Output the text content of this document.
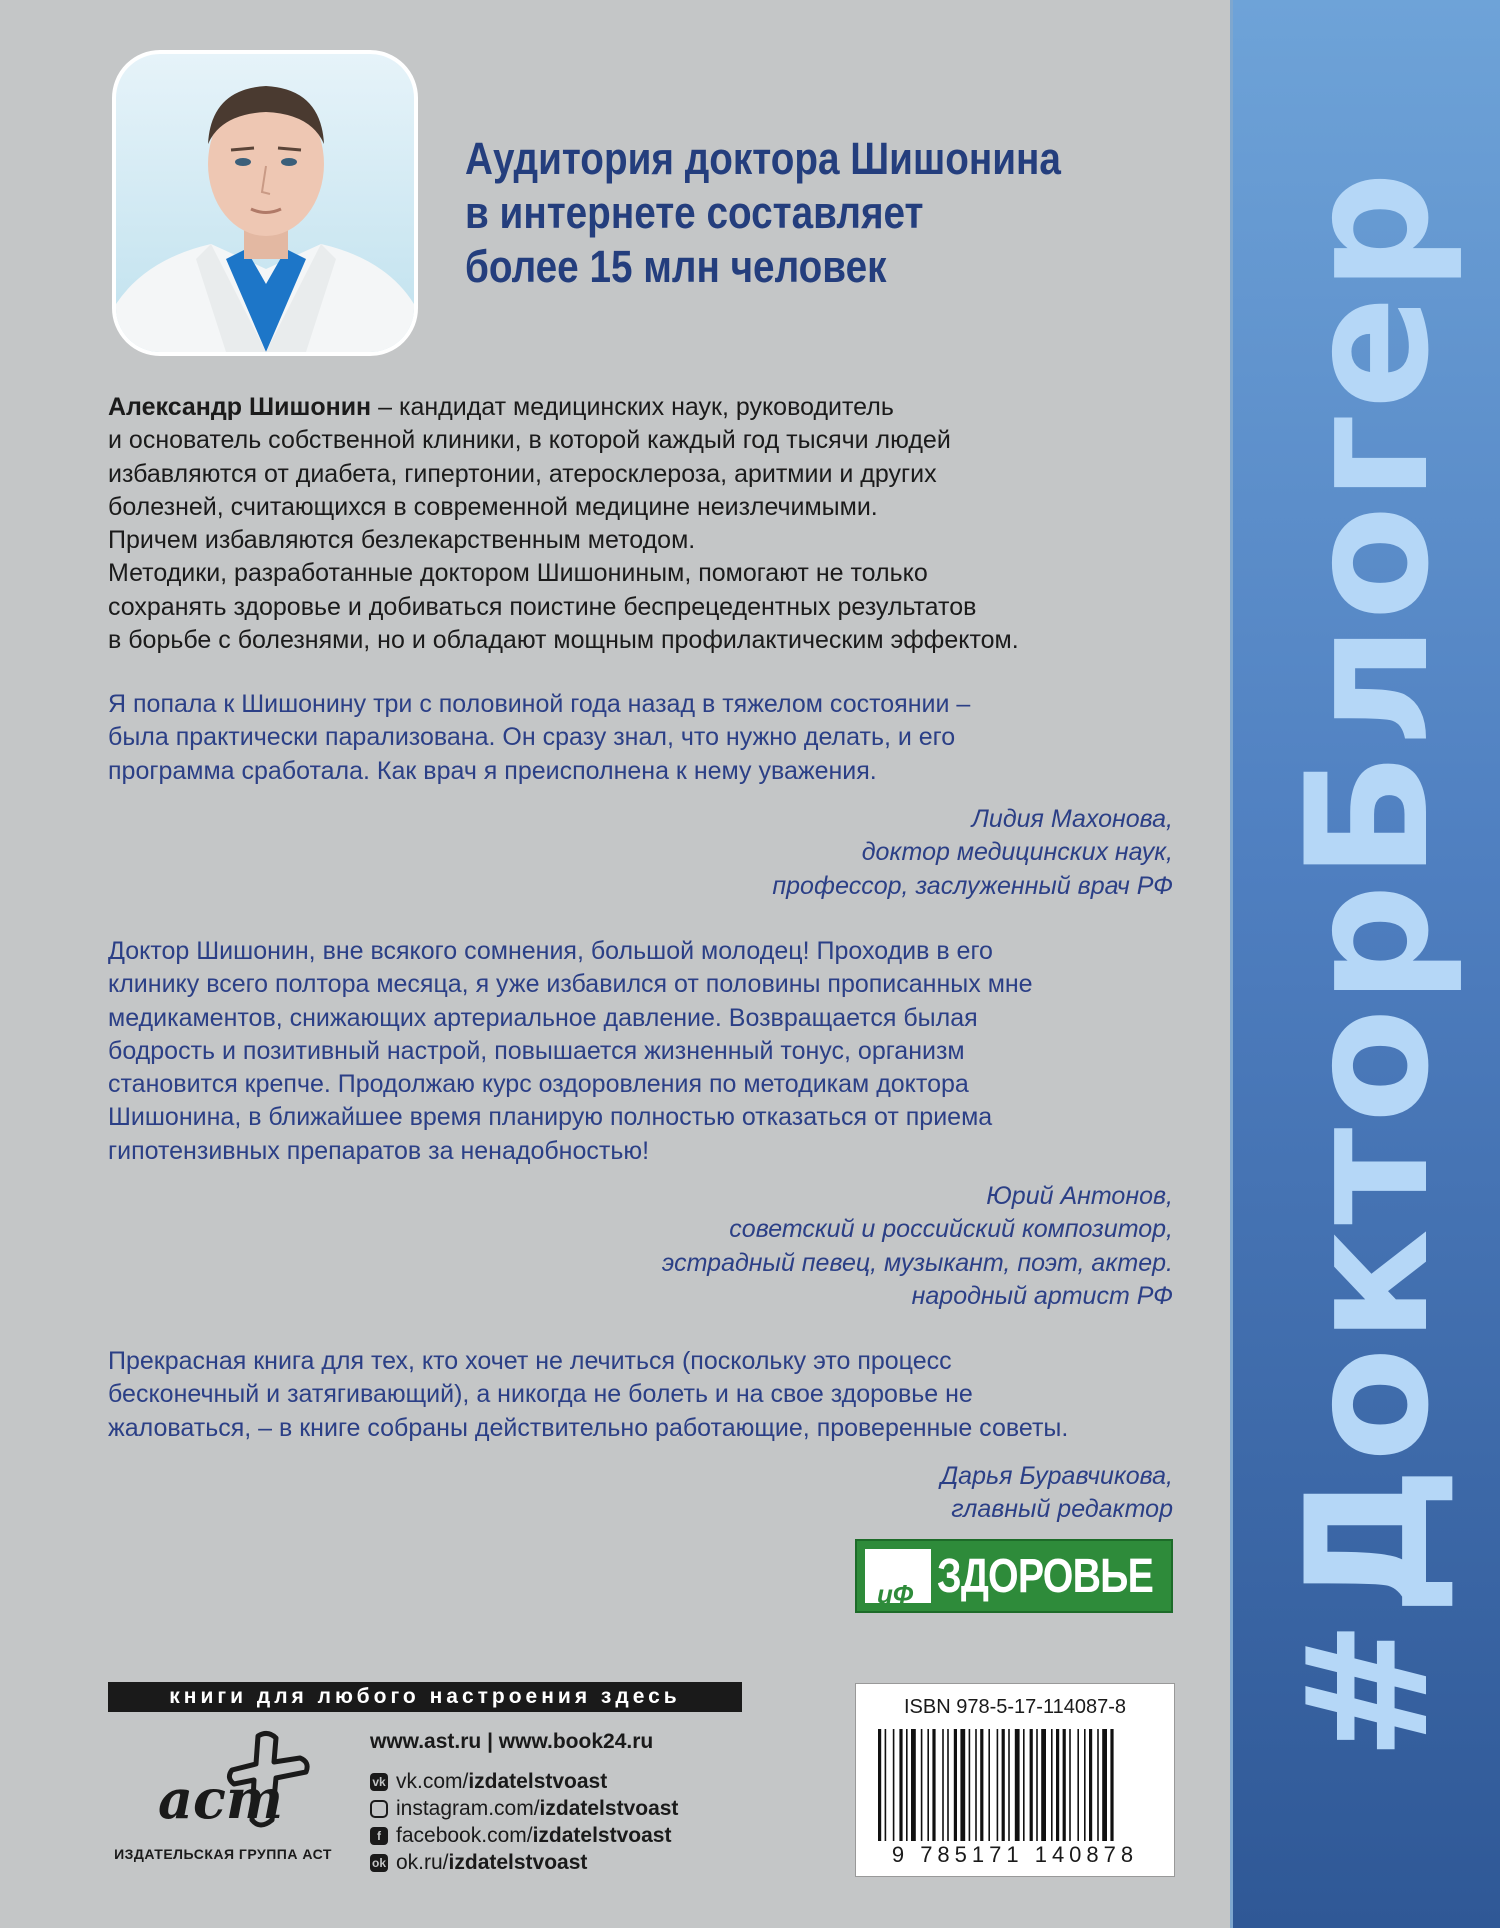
Аудитория доктора Шишонина
в интернете составляет
более 15 млн человек
Александр Шишонин – кандидат медицинских наук, руководитель
и основатель собственной клиники, в которой каждый год тысячи людей
избавляются от диабета, гипертонии, атеросклероза, аритмии и других
болезней, считающихся в современной медицине неизлечимыми.
Причем избавляются безлекарственным методом.
Методики, разработанные доктором Шишониным, помогают не только
сохранять здоровье и добиваться поистине беспрецедентных результатов
в борьбе с болезнями, но и обладают мощным профилактическим эффектом.
Я попала к Шишонину три с половиной года назад в тяжелом состоянии –
была практически парализована. Он сразу знал, что нужно делать, и его
программа сработала. Как врач я преисполнена к нему уважения.
Лидия Махонова,
доктор медицинских наук,
профессор, заслуженный врач РФ
Доктор Шишонин, вне всякого сомнения, большой молодец! Проходив в его
клинику всего полтора месяца, я уже избавился от половины прописанных мне
медикаментов, снижающих артериальное давление. Возвращается былая
бодрость и позитивный настрой, повышается жизненный тонус, организм
становится крепче. Продолжаю курс оздоровления по методикам доктора
Шишонина, в ближайшее время планирую полностью отказаться от приема
гипотензивных препаратов за ненадобностью!
Юрий Антонов,
советский и российский композитор,
эстрадный певец, музыкант, поэт, актер.
народный артист РФ
Прекрасная книга для тех, кто хочет не лечиться (поскольку это процесс
бесконечный и затягивающий), а никогда не болеть и на свое здоровье не
жаловаться, – в книге собраны действительно работающие, проверенные советы.
Дарья Буравчикова,
главный редактор
иФ ЗДОРОВЬЕ #ДокторБлогер
книги для любого настроения здесь
аст
ИЗДАТЕЛЬСКАЯ ГРУППА АСТ
www.ast.ru | www.book24.ru
vk vk.com/ izdatelstvoast
instagram.com/ izdatelstvoast
f facebook.com/ izdatelstvoast
ok ok.ru/ izdatelstvoast
ISBN 978-5-17-114087-8
9 785171 140878
